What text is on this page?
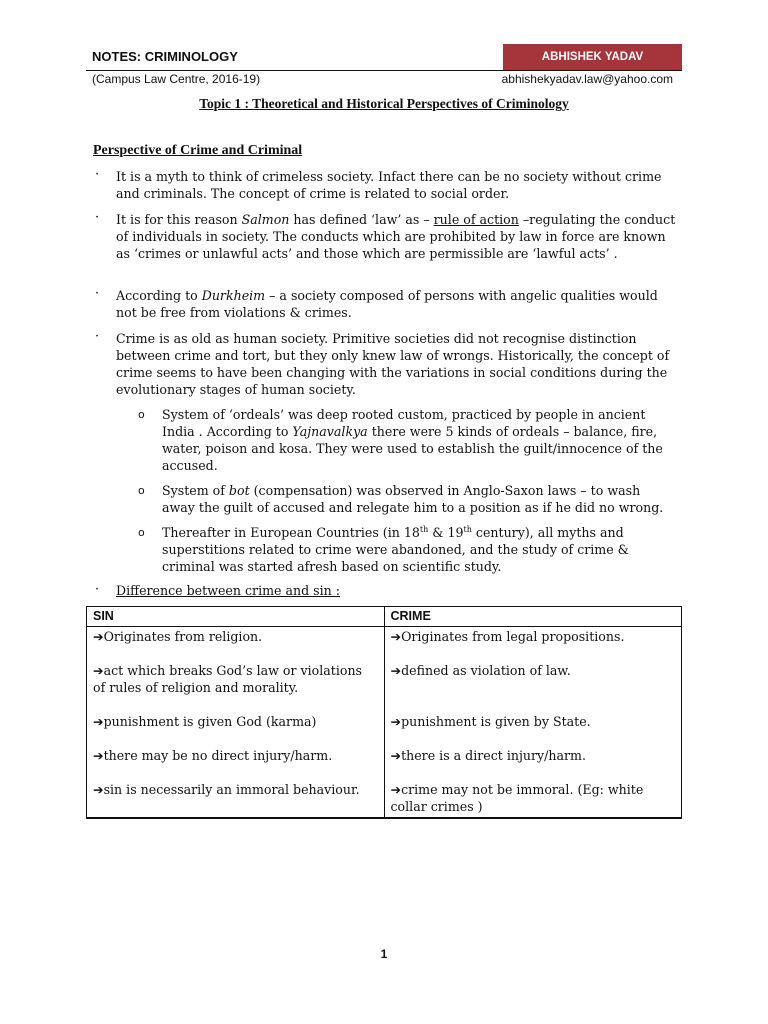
NOTES: CRIMINOLOGY	ABHISHEK YADAV
(Campus Law Centre, 2016-19)	abhishekyadav.law@yahoo.com
Topic 1 : Theoretical and Historical Perspectives of Criminology
Perspective of Crime and Criminal
· It is a myth to think of crimeless society. Infact there can be no society without crime and criminals. The concept of crime is related to social order.
· It is for this reason Salmon has defined ‘law’ as – rule of action –regulating the conduct of individuals in society. The conducts which are prohibited by law in force are known as ‘crimes or unlawful acts’ and those which are permissible are ‘lawful acts’ .
· According to Durkheim – a society composed of persons with angelic qualities would not be free from violations & crimes.
· Crime is as old as human society. Primitive societies did not recognise distinction between crime and tort, but they only knew law of wrongs. Historically, the concept of crime seems to have been changing with the variations in social conditions during the evolutionary stages of human society.
o System of ‘ordeals’ was deep rooted custom, practiced by people in ancient India . According to Yajnavalkya there were 5 kinds of ordeals – balance, fire, water, poison and kosa. They were used to establish the guilt/innocence of the accused.
o System of bot (compensation) was observed in Anglo-Saxon laws – to wash away the guilt of accused and relegate him to a position as if he did no wrong.
o Thereafter in European Countries (in 18th & 19th century), all myths and superstitions related to crime were abandoned, and the study of crime & criminal was started afresh based on scientific study.
· Difference between crime and sin :
SIN	CRIME
➔Originates from religion.	➔Originates from legal propositions.
➔act which breaks God’s law or violations of rules of religion and morality.	➔defined as violation of law.
➔punishment is given God (karma)	➔punishment is given by State.
➔there may be no direct injury/harm.	➔there is a direct injury/harm.
➔sin is necessarily an immoral behaviour.	➔crime may not be immoral. (Eg: white collar crimes )
1
